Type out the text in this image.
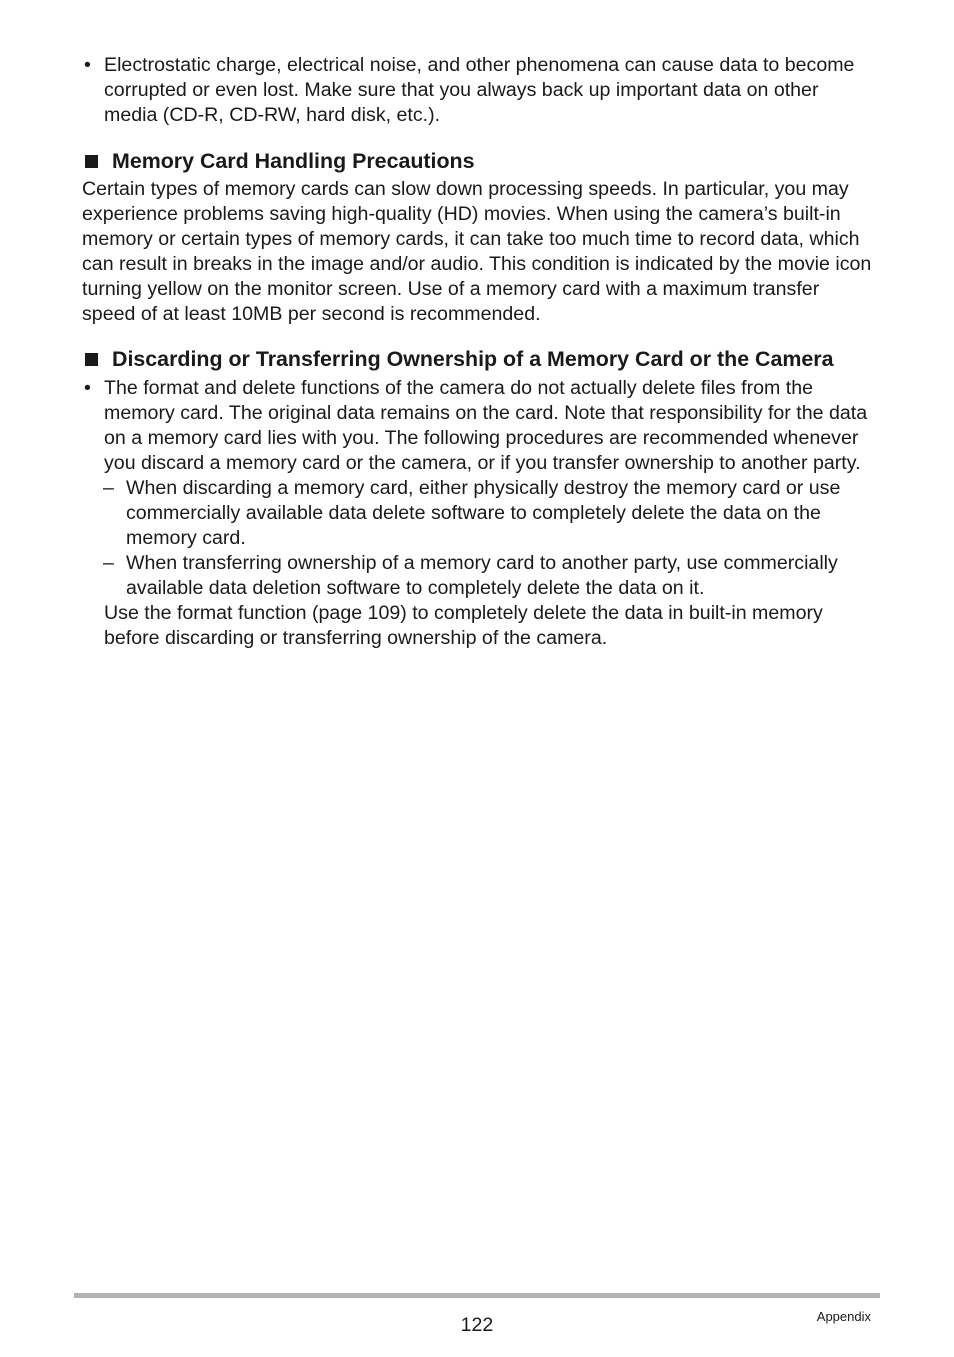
• Electrostatic charge, electrical noise, and other phenomena can cause data to become corrupted or even lost. Make sure that you always back up important data on other media (CD-R, CD-RW, hard disk, etc.).

Memory Card Handling Precautions

Certain types of memory cards can slow down processing speeds. In particular, you may experience problems saving high-quality (HD) movies. When using the camera’s built-in memory or certain types of memory cards, it can take too much time to record data, which can result in breaks in the image and/or audio. This condition is indicated by the movie icon turning yellow on the monitor screen. Use of a memory card with a maximum transfer speed of at least 10MB per second is recommended.

Discarding or Transferring Ownership of a Memory Card or the Camera
• The format and delete functions of the camera do not actually delete files from the memory card. The original data remains on the card. Note that responsibility for the data on a memory card lies with you. The following procedures are recommended whenever you discard a memory card or the camera, or if you transfer ownership to another party.

– When discarding a memory card, either physically destroy the memory card or use commercially available data delete software to completely delete the data on the memory card.

– When transferring ownership of a memory card to another party, use commercially available data deletion software to completely delete the data on it.

Use the format function (page 109) to completely delete the data in built-in memory before discarding or transferring ownership of the camera.

122	Appendix
